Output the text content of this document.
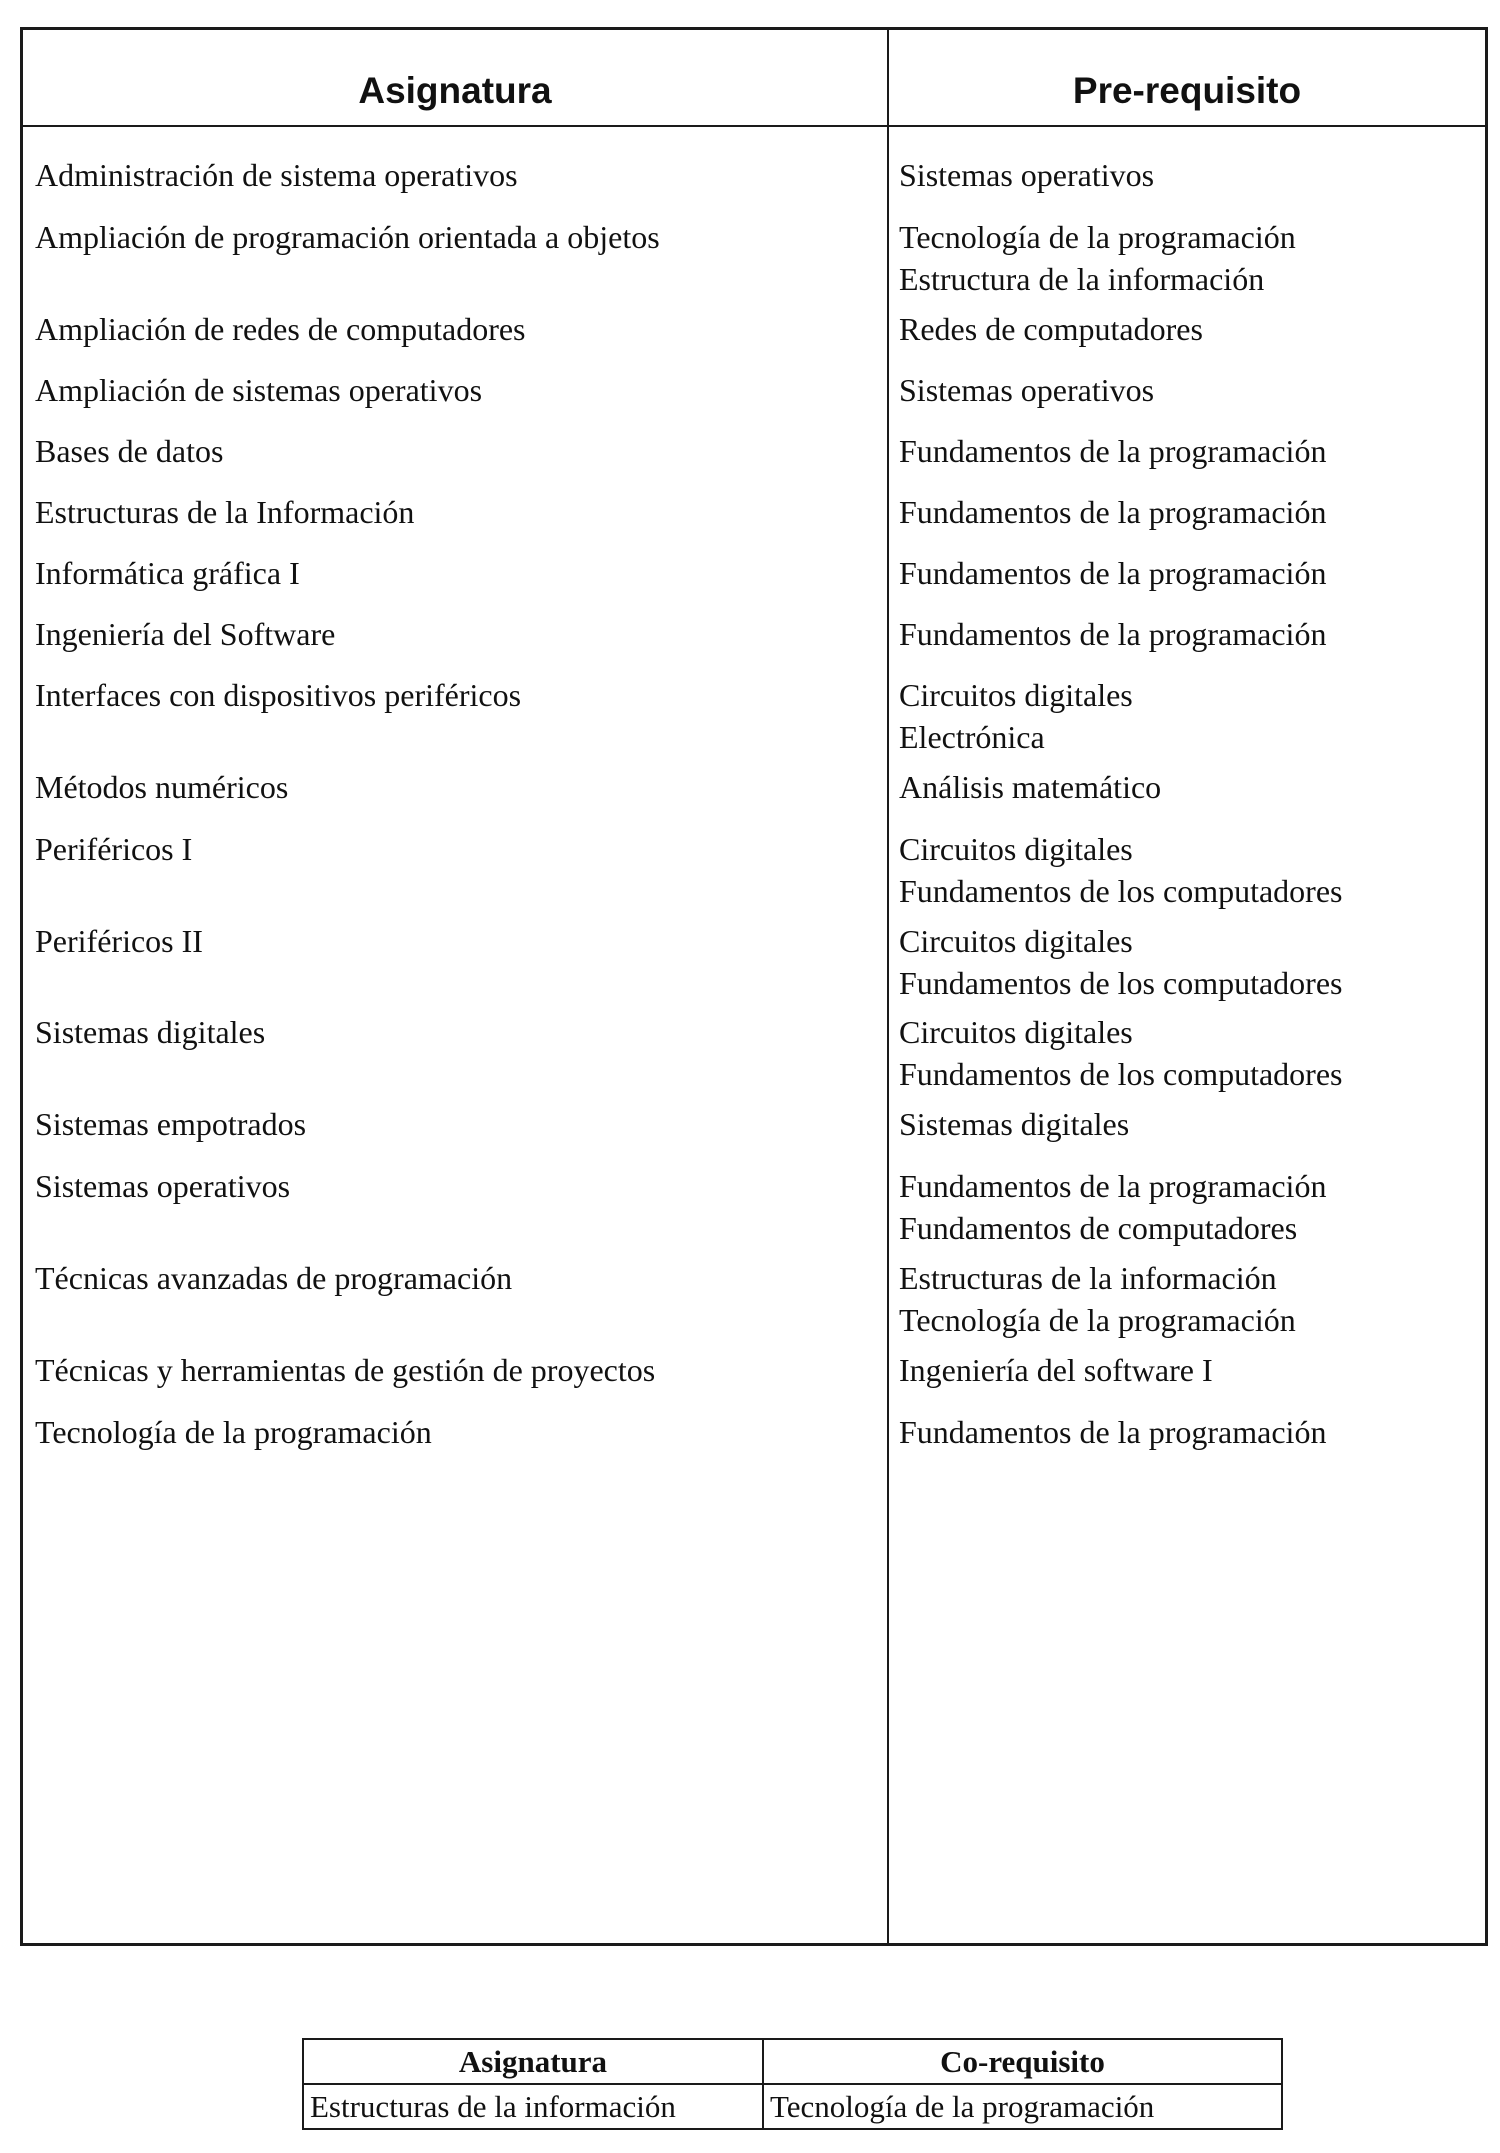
Asignatura	Pre-requisito
Administración de sistema operativos	Sistemas operativos
Ampliación de programación orientada a objetos	Tecnología de la programación
Estructura de la información
Ampliación de redes de computadores	Redes de computadores
Ampliación de sistemas operativos	Sistemas operativos
Bases de datos	Fundamentos de la programación
Estructuras de la Información	Fundamentos de la programación
Informática gráfica I	Fundamentos de la programación
Ingeniería del Software	Fundamentos de la programación
Interfaces con dispositivos periféricos	Circuitos digitales
Electrónica
Métodos numéricos	Análisis matemático
Periféricos I	Circuitos digitales
Fundamentos de los computadores
Periféricos II	Circuitos digitales
Fundamentos de los computadores
Sistemas digitales	Circuitos digitales
Fundamentos de los computadores
Sistemas empotrados	Sistemas digitales
Sistemas operativos	Fundamentos de la programación
Fundamentos de computadores
Técnicas avanzadas de programación	Estructuras de la información
Tecnología de la programación
Técnicas y herramientas de gestión de proyectos	Ingeniería del software I
Tecnología de la programación	Fundamentos de la programación
Asignatura	Co-requisito
Estructuras de la información	Tecnología de la programación
